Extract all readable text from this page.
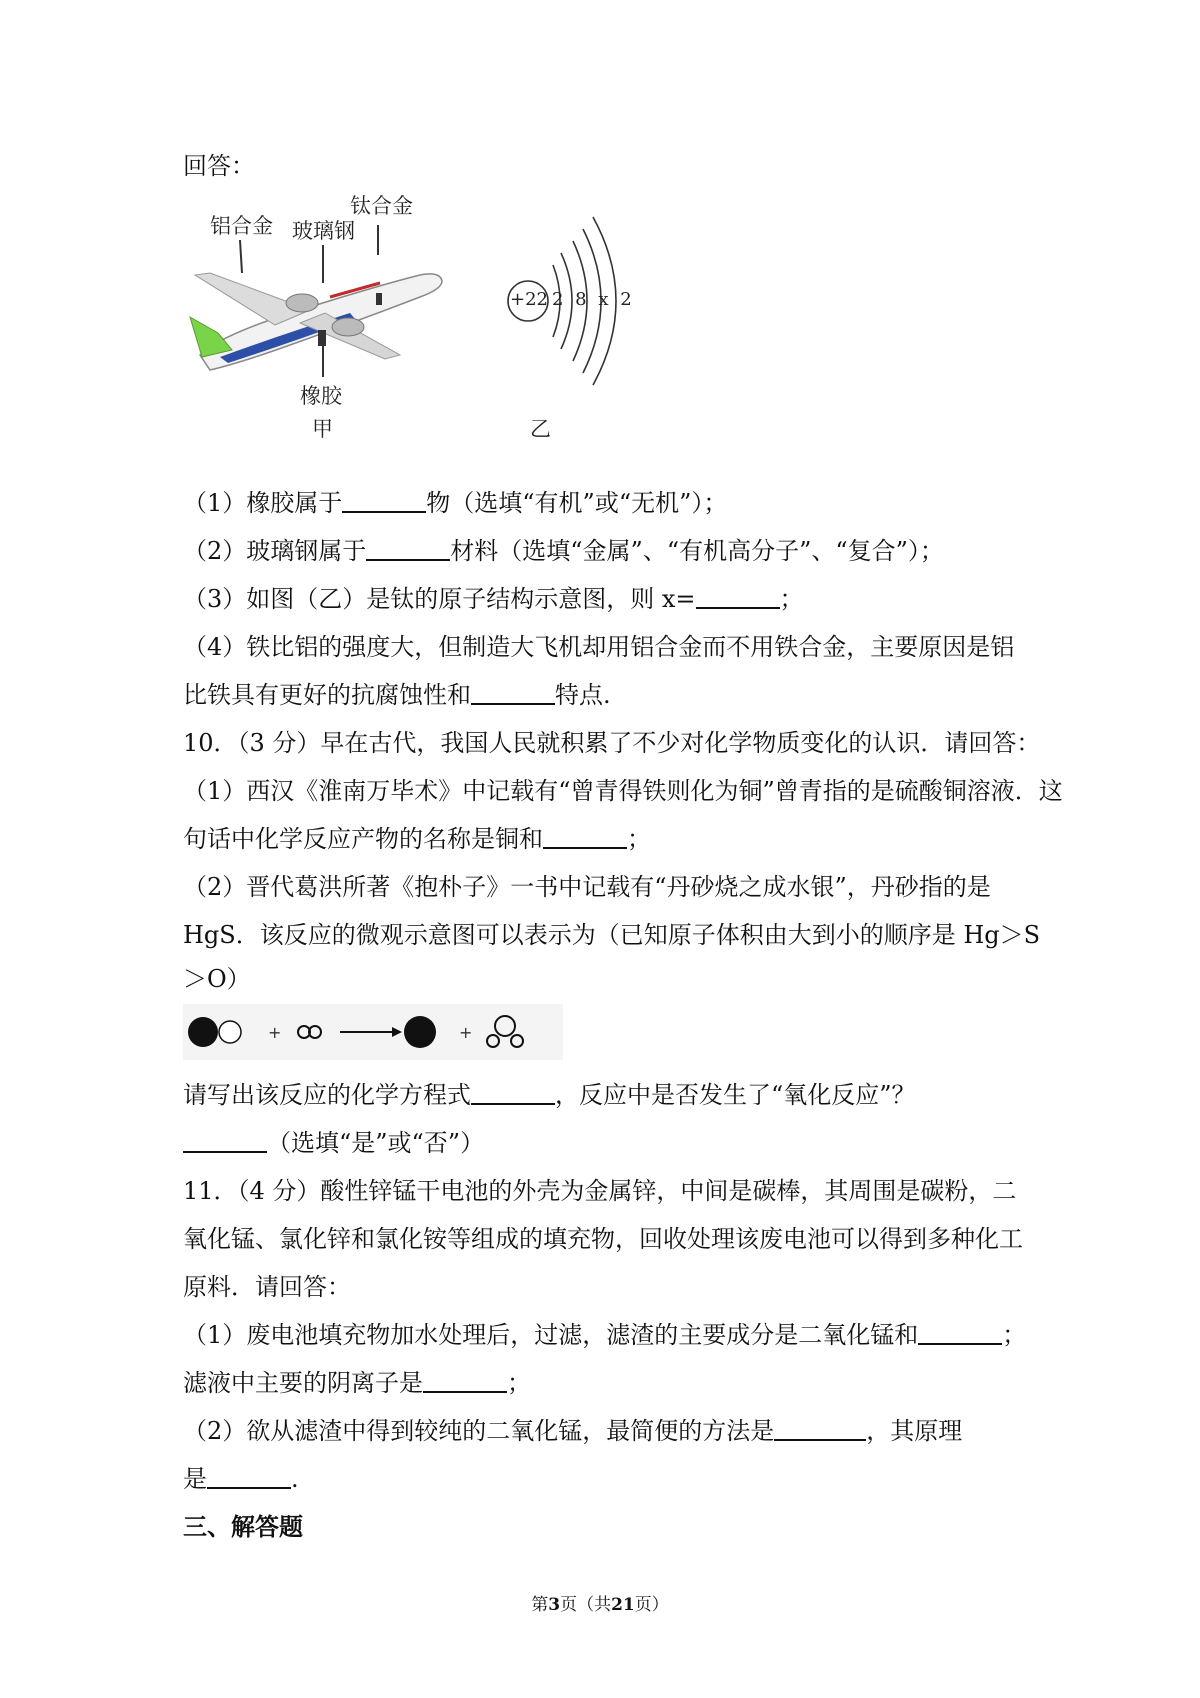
回答：
铝合金 玻璃钢
钛合金
橡胶
甲
+22 2 8 x 2
乙
（1）橡胶属于	物（选填“有机”或“无机”）；
（2）玻璃钢属于	材料（选填“金属”、“有机高分子”、“复合”）；
（3）如图（乙）是钛的原子结构示意图，则 x=	；
（4）铁比铝的强度大，但制造大飞机却用铝合金而不用铁合金，主要原因是铝
比铁具有更好的抗腐蚀性和	特点.
10．（3 分）早在古代，我国人民就积累了不少对化学物质变化的认识．请回答：
（1）西汉《淮南万毕术》中记载有“曾青得铁则化为铜”曾青指的是硫酸铜溶液．这
句话中化学反应产物的名称是铜和	；
（2）晋代葛洪所著《抱朴子》一书中记载有“丹砂烧之成水银”，丹砂指的是
HgS．该反应的微观示意图可以表示为（已知原子体积由大到小的顺序是 Hg＞S
＞O）
+	+
请写出该反应的化学方程式	，反应中是否发生了“氧化反应”？
（选填“是”或“否”）
11．（4 分）酸性锌锰干电池的外壳为金属锌，中间是碳棒，其周围是碳粉，二
氧化锰、氯化锌和氯化铵等组成的填充物，回收处理该废电池可以得到多种化工
原料．请回答：
（1）废电池填充物加水处理后，过滤，滤渣的主要成分是二氧化锰和	；
滤液中主要的阴离子是	；
（2）欲从滤渣中得到较纯的二氧化锰，最简便的方法是	，其原理
是	.
三、解答题
第3页（共21页）
